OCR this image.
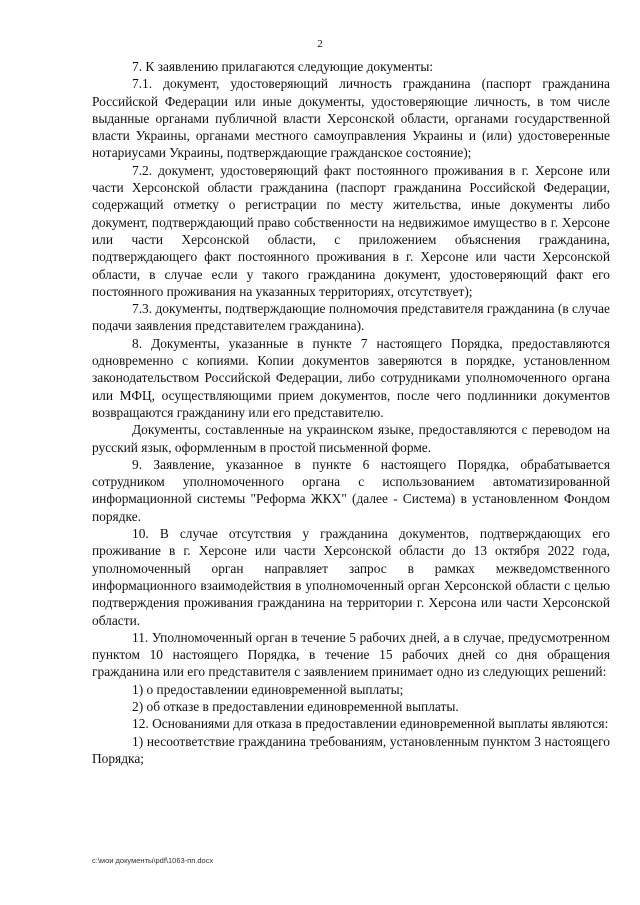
2

7. К заявлению прилагаются следующие документы:

7.1. документ, удостоверяющий личность гражданина (паспорт гражданина Российской Федерации или иные документы, удостоверяющие личность, в том числе выданные органами публичной власти Херсонской области, органами государственной власти Украины, органами местного самоуправления Украины и (или) удостоверенные нотариусами Украины, подтверждающие гражданское состояние);

7.2. документ, удостоверяющий факт постоянного проживания в г. Херсоне или части Херсонской области гражданина (паспорт гражданина Российской Федерации, содержащий отметку о регистрации по месту жительства, иные документы либо документ, подтверждающий право собственности на недвижимое имущество в г. Херсоне или части Херсонской области, с приложением объяснения гражданина, подтверждающего факт постоянного проживания в г. Херсоне или части Херсонской области, в случае если у такого гражданина документ, удостоверяющий факт его постоянного проживания на указанных территориях, отсутствует);

7.3. документы, подтверждающие полномочия представителя гражданина (в случае подачи заявления представителем гражданина).

8. Документы, указанные в пункте 7 настоящего Порядка, предоставляются одновременно с копиями. Копии документов заверяются в порядке, установленном законодательством Российской Федерации, либо сотрудниками уполномоченного органа или МФЦ, осуществляющими прием документов, после чего подлинники документов возвращаются гражданину или его представителю.

Документы, составленные на украинском языке, предоставляются с переводом на русский язык, оформленным в простой письменной форме.

9. Заявление, указанное в пункте 6 настоящего Порядка, обрабатывается сотрудником уполномоченного органа с использованием автоматизированной информационной системы "Реформа ЖКХ" (далее - Система) в установленном Фондом порядке.

10. В случае отсутствия у гражданина документов, подтверждающих его проживание в г. Херсоне или части Херсонской области до 13 октября 2022 года, уполномоченный орган направляет запрос в рамках межведомственного информационного взаимодействия в уполномоченный орган Херсонской области с целью подтверждения проживания гражданина на территории г. Херсона или части Херсонской области.

11. Уполномоченный орган в течение 5 рабочих дней, а в случае, предусмотренном пунктом 10 настоящего Порядка, в течение 15 рабочих дней со дня обращения гражданина или его представителя с заявлением принимает одно из следующих решений:

1) о предоставлении единовременной выплаты;

2) об отказе в предоставлении единовременной выплаты.

12. Основаниями для отказа в предоставлении единовременной выплаты являются:

1) несоответствие гражданина требованиям, установленным пунктом 3 настоящего Порядка;

c:\мои документы\pdf\1063-пп.docx
